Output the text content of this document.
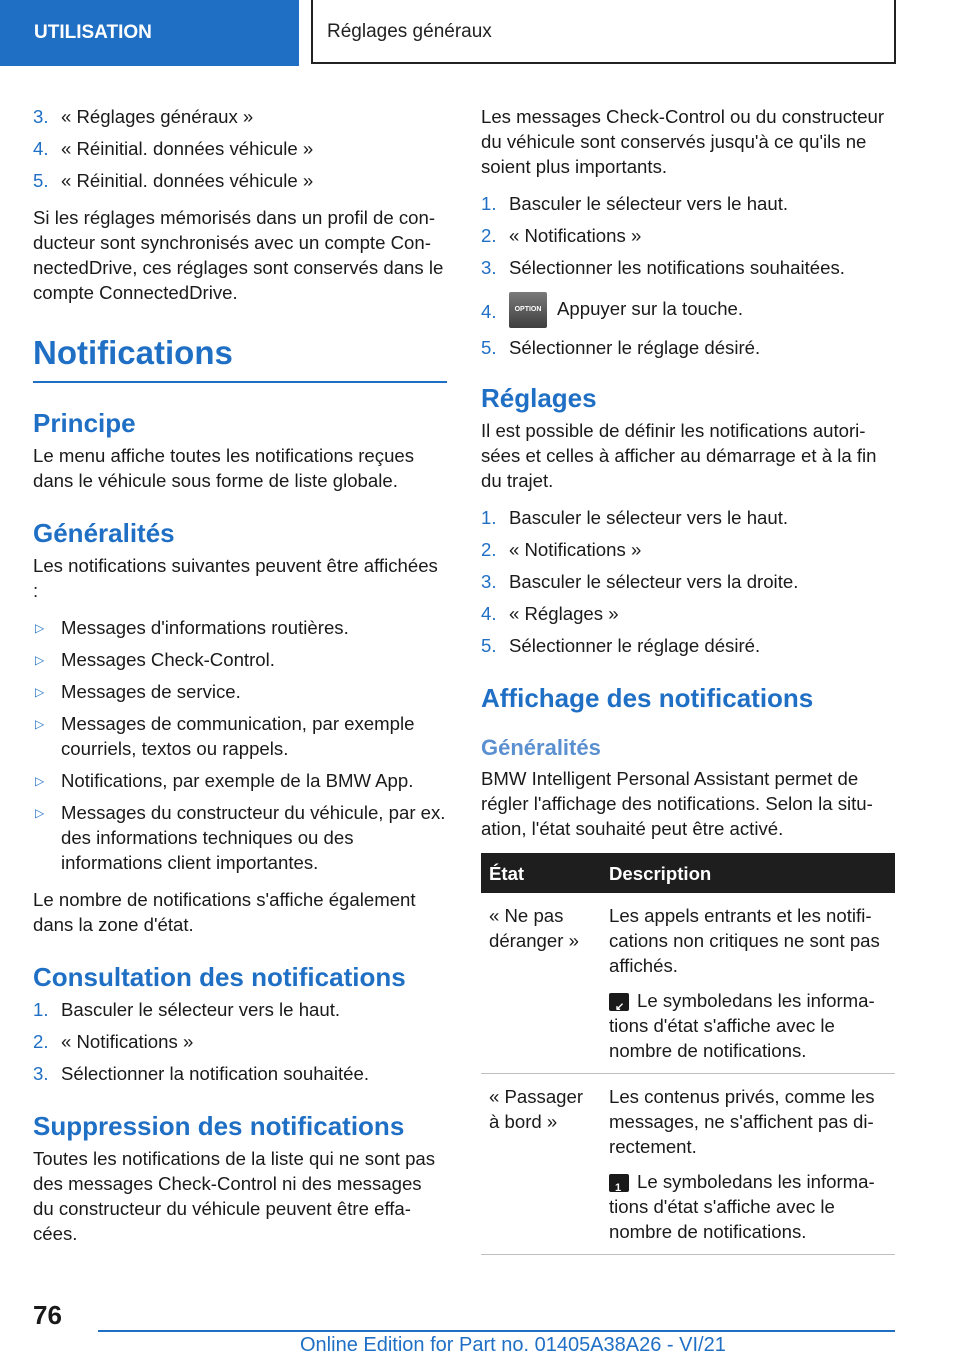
UTILISATION	Réglages généraux
3. « Réglages généraux »
4. « Réinitial. données véhicule »
5. « Réinitial. données véhicule »

Si les réglages mémorisés dans un profil de conducteur sont synchronisés avec un compte ConnectedDrive, ces réglages sont conservés dans le compte ConnectedDrive.

Notifications
Principe

Le menu affiche toutes les notifications reçues dans le véhicule sous forme de liste globale.

Généralités

Les notifications suivantes peuvent être affichées :

▷ Messages d'informations routières.
▷ Messages Check-Control.
▷ Messages de service.
▷ Messages de communication, par exemple courriels, textos ou rappels.
▷ Notifications, par exemple de la BMW App.
▷ Messages du constructeur du véhicule, par ex. des informations techniques ou des informations client importantes.

Le nombre de notifications s'affiche également dans la zone d'état.

Consultation des notifications
1. Basculer le sélecteur vers le haut.
2. « Notifications »
3. Sélectionner la notification souhaitée.
Suppression des notifications

Toutes les notifications de la liste qui ne sont pas des messages Check-Control ni des messages du constructeur du véhicule peuvent être effacées.

Les messages Check-Control ou du constructeur du véhicule sont conservés jusqu'à ce qu'ils ne soient plus importants.

1. Basculer le sélecteur vers le haut.
2. « Notifications »
3. Sélectionner les notifications souhaitées.
4.	OPTION Appuyer sur la touche.
5. Sélectionner le réglage désiré.
Réglages

Il est possible de définir les notifications autorisées et celles à afficher au démarrage et à la fin du trajet.

1. Basculer le sélecteur vers le haut.
2. « Notifications »
3. Basculer le sélecteur vers la droite.
4. « Réglages »
5. Sélectionner le réglage désiré.
Affichage des notifications
Généralités

BMW Intelligent Personal Assistant permet de régler l'affichage des notifications. Selon la situation, l'état souhaité peut être activé.

État	Description
« Ne pas déranger »	Les appels entrants et les notifications non critiques ne sont pas affichés.

↙ Le symboledans les informations d'état s'affiche avec le nombre de notifications.

« Passager à bord »	Les contenus privés, comme les messages, ne s'affichent pas directement.

1 Le symboledans les informations d'état s'affiche avec le nombre de notifications.

76
Online Edition for Part no. 01405A38A26 - VI/21
